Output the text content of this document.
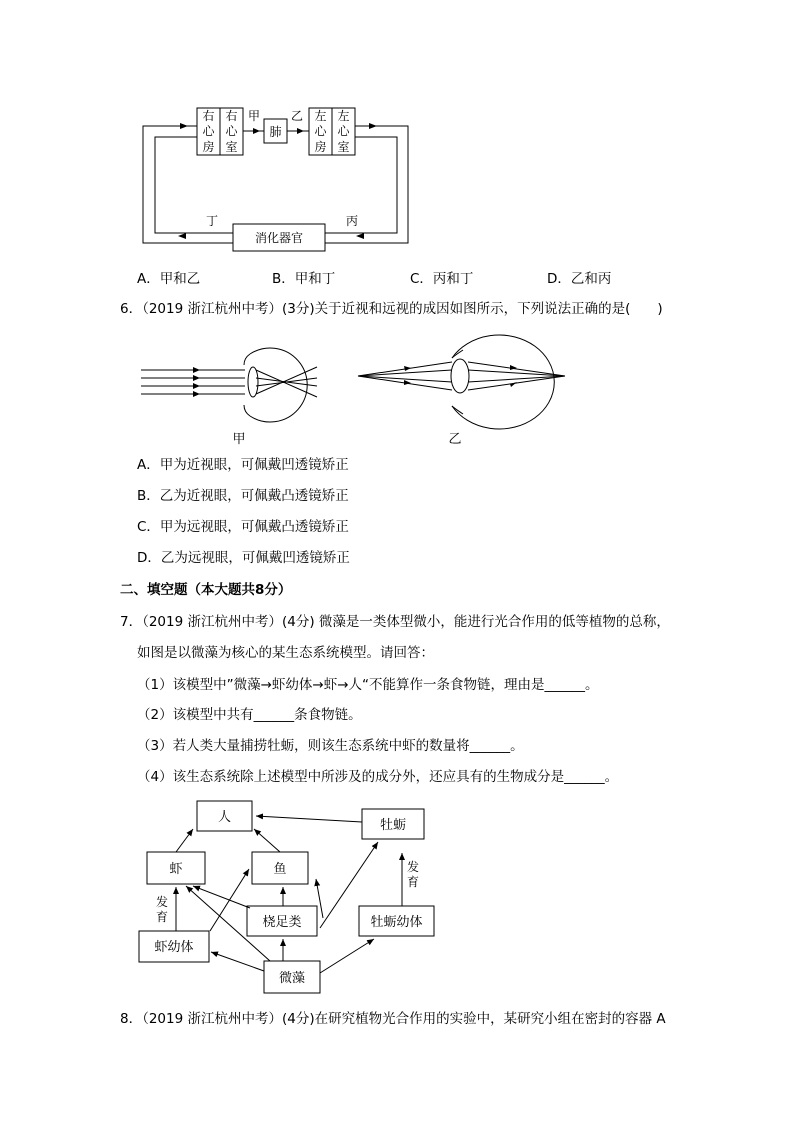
右
心
房
右
心
室
肺
左
心
房
左
心
室
甲	乙
丙
丁
消化器官
A．甲和乙	B．甲和丁	C．丙和丁	D．乙和丙
6．（2019 浙江杭州中考）(3分)关于近视和远视的成因如图所示，下列说法正确的是(　　)
甲	乙
A．甲为近视眼，可佩戴凹透镜矫正
B．乙为近视眼，可佩戴凸透镜矫正
C．甲为远视眼，可佩戴凸透镜矫正
D．乙为远视眼，可佩戴凹透镜矫正
二、填空题（本大题共8分）
7．（2019 浙江杭州中考）(4分) 微藻是一类体型微小，能进行光合作用的低等植物的总称，
如图是以微藻为核心的某生态系统模型。请回答：
（1）该模型中”微藻→虾幼体→虾→人“不能算作一条食物链，理由是______。
（2）该模型中共有______条食物链。
（3）若人类大量捕捞牡蛎，则该生态系统中虾的数量将______。
（4）该生态系统除上述模型中所涉及的成分外，还应具有的生物成分是______。
人
牡蛎
虾	鱼
桡足类	牡蛎幼体
虾幼体
微藻
发
育
发
育
8．（2019 浙江杭州中考）(4分)在研究植物光合作用的实验中，某研究小组在密封的容器 A
